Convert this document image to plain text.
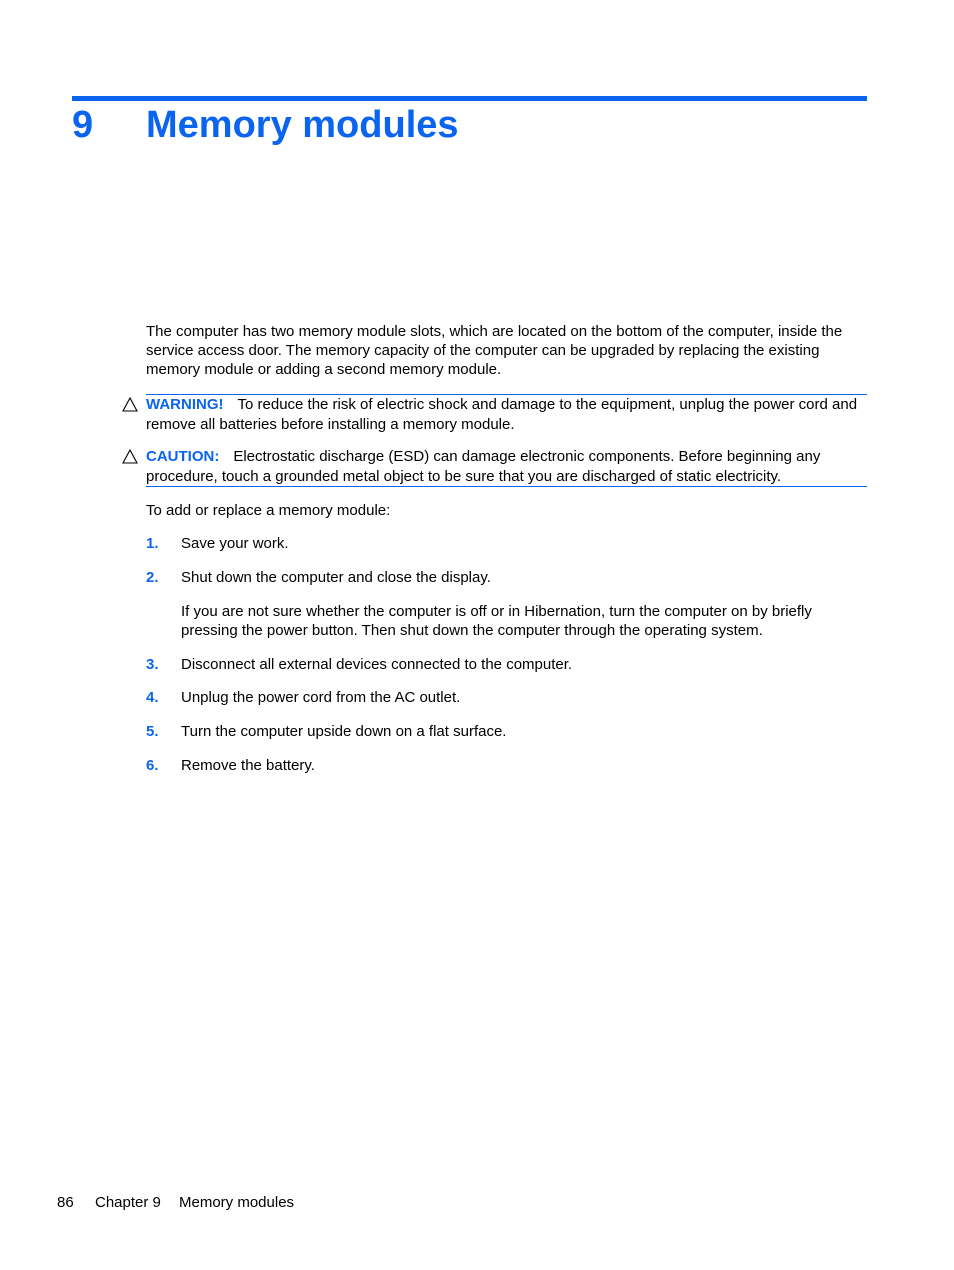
9 Memory modules
The computer has two memory module slots, which are located on the bottom of the computer, inside the service access door. The memory capacity of the computer can be upgraded by replacing the existing memory module or adding a second memory module.
WARNING! To reduce the risk of electric shock and damage to the equipment, unplug the power cord and remove all batteries before installing a memory module.
CAUTION: Electrostatic discharge (ESD) can damage electronic components. Before beginning any procedure, touch a grounded metal object to be sure that you are discharged of static electricity.
To add or replace a memory module:
1. Save your work.
2. Shut down the computer and close the display.
If you are not sure whether the computer is off or in Hibernation, turn the computer on by briefly pressing the power button. Then shut down the computer through the operating system.
3. Disconnect all external devices connected to the computer.
4. Unplug the power cord from the AC outlet.
5. Turn the computer upside down on a flat surface.
6. Remove the battery.
86 Chapter 9 Memory modules
